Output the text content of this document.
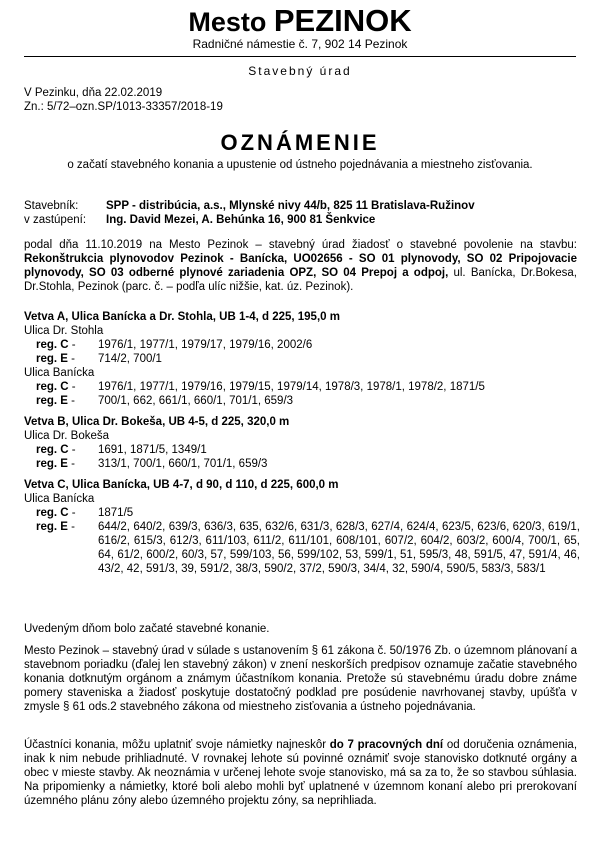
Mesto PEZINOK
Radničné námestie č. 7, 902 14 Pezinok
Stavebný úrad
V Pezinku, dňa 22.02.2019
Zn.: 5/72–ozn.SP/1013-33357/2018-19
OZNÁMENIE
o začatí stavebného konania a upustenie od ústneho pojednávania a miestneho zisťovania.
Stavebník:	SPP - distribúcia, a.s., Mlynské nivy 44/b, 825 11 Bratislava-Ružinov
v zastúpení:	Ing. David Mezei, A. Behúnka 16, 900 81 Šenkvice
podal dňa 11.10.2019 na Mesto Pezinok – stavebný úrad žiadosť o stavebné povolenie na stavbu: Rekonštrukcia plynovodov Pezinok - Banícka, UO02656 - SO 01 plynovody, SO 02 Pripojovacie plynovody, SO 03 odberné plynové zariadenia OPZ, SO 04 Prepoj a odpoj, ul. Banícka, Dr.Bokesa, Dr.Stohla, Pezinok (parc. č. – podľa ulíc nižšie, kat. úz. Pezinok).
Vetva A, Ulica Banícka a Dr. Stohla, UB 1-4, d 225, 195,0 m
Ulica Dr. Stohla
reg. C -	1976/1, 1977/1, 1979/17, 1979/16, 2002/6
reg. E -	714/2, 700/1
Ulica Banícka
reg. C -	1976/1, 1977/1, 1979/16, 1979/15, 1979/14, 1978/3, 1978/1, 1978/2, 1871/5
reg. E -	700/1, 662, 661/1, 660/1, 701/1, 659/3
Vetva B, Ulica Dr. Bokeša, UB 4-5, d 225, 320,0 m
Ulica Dr. Bokeša
reg. C -	1691, 1871/5, 1349/1
reg. E -	313/1, 700/1, 660/1, 701/1, 659/3
Vetva C, Ulica Banícka, UB 4-7, d 90, d 110, d 225, 600,0 m
Ulica Banícka
reg. C -	1871/5
reg. E -	644/2, 640/2, 639/3, 636/3, 635, 632/6, 631/3, 628/3, 627/4, 624/4, 623/5, 623/6, 620/3, 619/1, 616/2, 615/3, 612/3, 611/103, 611/2, 611/101, 608/101, 607/2, 604/2, 603/2, 600/4, 700/1, 65, 64, 61/2, 600/2, 60/3, 57, 599/103, 56, 599/102, 53, 599/1, 51, 595/3, 48, 591/5, 47, 591/4, 46, 43/2, 42, 591/3, 39, 591/2, 38/3, 590/2, 37/2, 590/3, 34/4, 32, 590/4, 590/5, 583/3, 583/1
Uvedeným dňom bolo začaté stavebné konanie.
Mesto Pezinok – stavebný úrad v súlade s ustanovením § 61 zákona č. 50/1976 Zb. o územnom plánovaní a stavebnom poriadku (ďalej len stavebný zákon) v znení neskorších predpisov oznamuje začatie stavebného konania dotknutým orgánom a známym účastníkom konania. Pretože sú stavebnému úradu dobre známe pomery staveniska a žiadosť poskytuje dostatočný podklad pre posúdenie navrhovanej stavby, upúšťa v zmysle § 61 ods.2 stavebného zákona od miestneho zisťovania a ústneho pojednávania.
Účastníci konania, môžu uplatniť svoje námietky najneskôr do 7 pracovných dní od doručenia oznámenia, inak k nim nebude prihliadnuté. V rovnakej lehote sú povinné oznámiť svoje stanovisko dotknuté orgány a obec v mieste stavby. Ak neoznámia v určenej lehote svoje stanovisko, má sa za to, že so stavbou súhlasia. Na pripomienky a námietky, ktoré boli alebo mohli byť uplatnené v územnom konaní alebo pri prerokovaní územného plánu zóny alebo územného projektu zóny, sa neprihliada.
